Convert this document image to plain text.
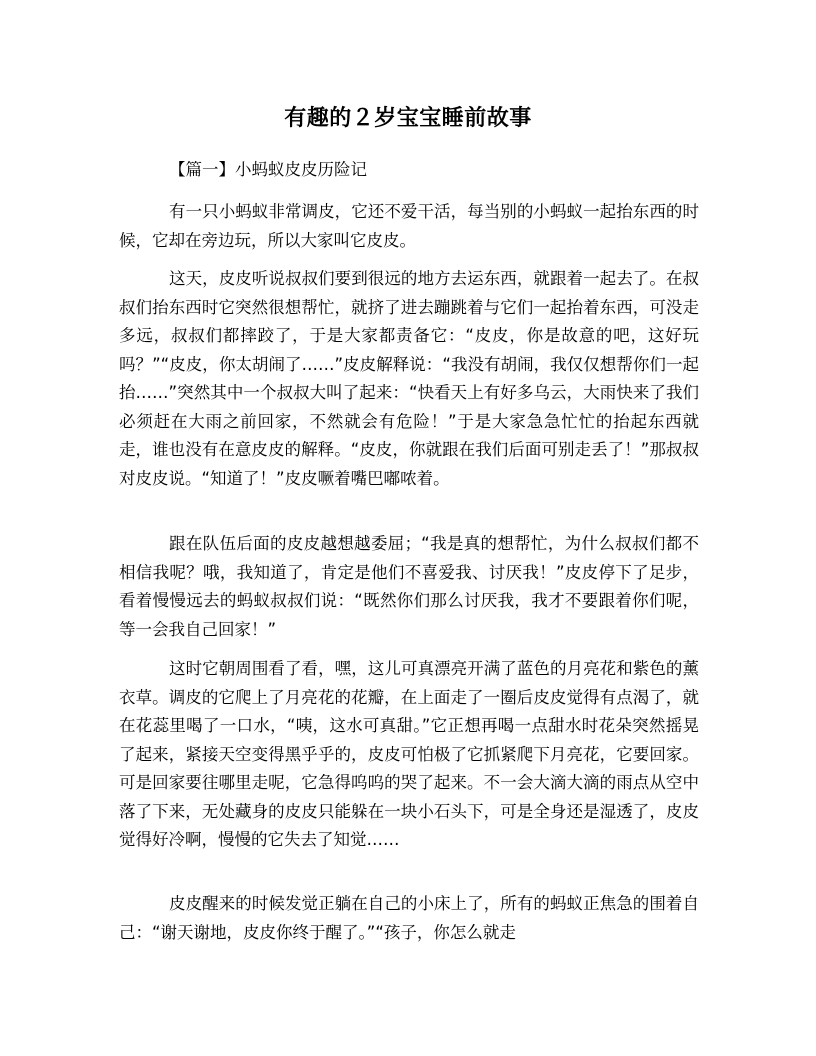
有趣的２岁宝宝睡前故事
【篇一】小蚂蚁皮皮历险记

有一只小蚂蚁非常调皮，它还不爱干活，每当别的小蚂蚁一起抬东西的时候，它却在旁边玩，所以大家叫它皮皮。

这天，皮皮听说叔叔们要到很远的地方去运东西，就跟着一起去了。在叔叔们抬东西时它突然很想帮忙，就挤了进去蹦跳着与它们一起抬着东西，可没走多远，叔叔们都摔跤了，于是大家都责备它：“皮皮，你是故意的吧，这好玩吗？”“皮皮，你太胡闹了……”皮皮解释说：“我没有胡闹，我仅仅想帮你们一起抬……”突然其中一个叔叔大叫了起来：“快看天上有好多乌云，大雨快来了我们必须赶在大雨之前回家，不然就会有危险！”于是大家急急忙忙的抬起东西就走，谁也没有在意皮皮的解释。“皮皮，你就跟在我们后面可别走丢了！”那叔叔对皮皮说。“知道了！”皮皮噘着嘴巴嘟哝着。

跟在队伍后面的皮皮越想越委屈；“我是真的想帮忙，为什么叔叔们都不相信我呢？哦，我知道了，肯定是他们不喜爱我、讨厌我！”皮皮停下了足步，看着慢慢远去的蚂蚁叔叔们说：“既然你们那么讨厌我，我才不要跟着你们呢，等一会我自己回家！”

这时它朝周围看了看，嘿，这儿可真漂亮开满了蓝色的月亮花和紫色的薰衣草。调皮的它爬上了月亮花的花瓣，在上面走了一圈后皮皮觉得有点渴了，就在花蕊里喝了一口水，“咦，这水可真甜。”它正想再喝一点甜水时花朵突然摇晃了起来，紧接天空变得黑乎乎的，皮皮可怕极了它抓紧爬下月亮花，它要回家。可是回家要往哪里走呢，它急得呜呜的哭了起来。不一会大滴大滴的雨点从空中落了下来，无处藏身的皮皮只能躲在一块小石头下，可是全身还是湿透了，皮皮觉得好冷啊，慢慢的它失去了知觉……

皮皮醒来的时候发觉正躺在自己的小床上了，所有的蚂蚁正焦急的围着自己：“谢天谢地，皮皮你终于醒了。”“孩子，你怎么就走
